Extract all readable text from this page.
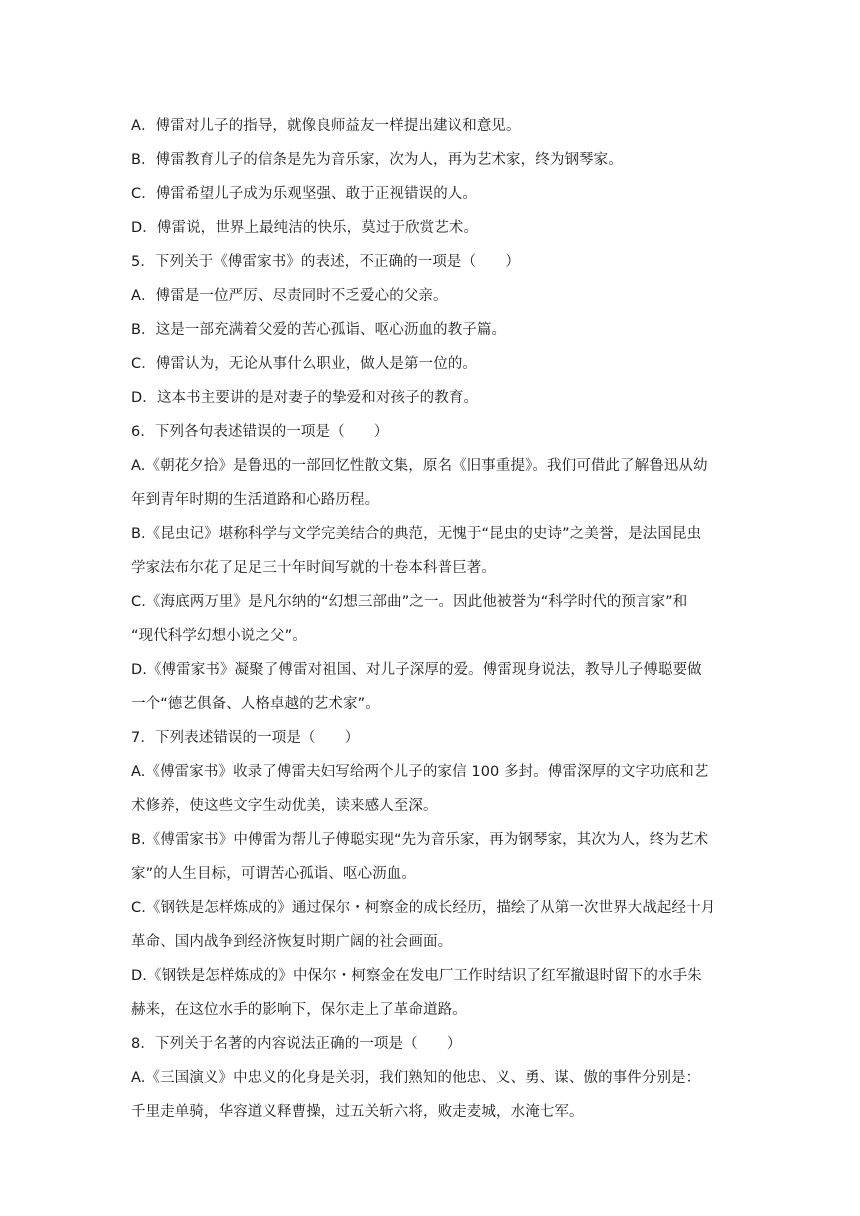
A．傅雷对儿子的指导，就像良师益友一样提出建议和意见。
B．傅雷教育儿子的信条是先为音乐家，次为人，再为艺术家，终为钢琴家。
C．傅雷希望儿子成为乐观坚强、敢于正视错误的人。
D．傅雷说，世界上最纯洁的快乐，莫过于欣赏艺术。
5．下列关于《傅雷家书》的表述，不正确的一项是（　　）
A．傅雷是一位严厉、尽责同时不乏爱心的父亲。
B．这是一部充满着父爱的苦心孤诣、呕心沥血的教子篇。
C．傅雷认为，无论从事什么职业，做人是第一位的。
D．这本书主要讲的是对妻子的挚爱和对孩子的教育。
6．下列各句表述错误的一项是（　　）
A.《朝花夕拾》是鲁迅的一部回忆性散文集，原名《旧事重提》。我们可借此了解鲁迅从幼
年到青年时期的生活道路和心路历程。
B.《昆虫记》堪称科学与文学完美结合的典范，无愧于“昆虫的史诗”之美誉，是法国昆虫
学家法布尔花了足足三十年时间写就的十卷本科普巨著。
C.《海底两万里》是凡尔纳的“幻想三部曲”之一。因此他被誉为“科学时代的预言家”和
“现代科学幻想小说之父”。
D.《傅雷家书》凝聚了傅雷对祖国、对儿子深厚的爱。傅雷现身说法，教导儿子傅聪要做
一个“德艺俱备、人格卓越的艺术家”。
7．下列表述错误的一项是（　　）
A.《傅雷家书》收录了傅雷夫妇写给两个儿子的家信 100 多封。傅雷深厚的文字功底和艺
术修养，使这些文字生动优美，读来感人至深。
B.《傅雷家书》中傅雷为帮儿子傅聪实现“先为音乐家，再为钢琴家，其次为人，终为艺术
家”的人生目标，可谓苦心孤诣、呕心沥血。
C.《钢铁是怎样炼成的》通过保尔・柯察金的成长经历，描绘了从第一次世界大战起经十月
革命、国内战争到经济恢复时期广阔的社会画面。
D.《钢铁是怎样炼成的》中保尔・柯察金在发电厂工作时结识了红军撤退时留下的水手朱
赫来，在这位水手的影响下，保尔走上了革命道路。
8．下列关于名著的内容说法正确的一项是（　　）
A.《三国演义》中忠义的化身是关羽，我们熟知的他忠、义、勇、谋、傲的事件分别是：
千里走单骑，华容道义释曹操，过五关斩六将，败走麦城，水淹七军。
